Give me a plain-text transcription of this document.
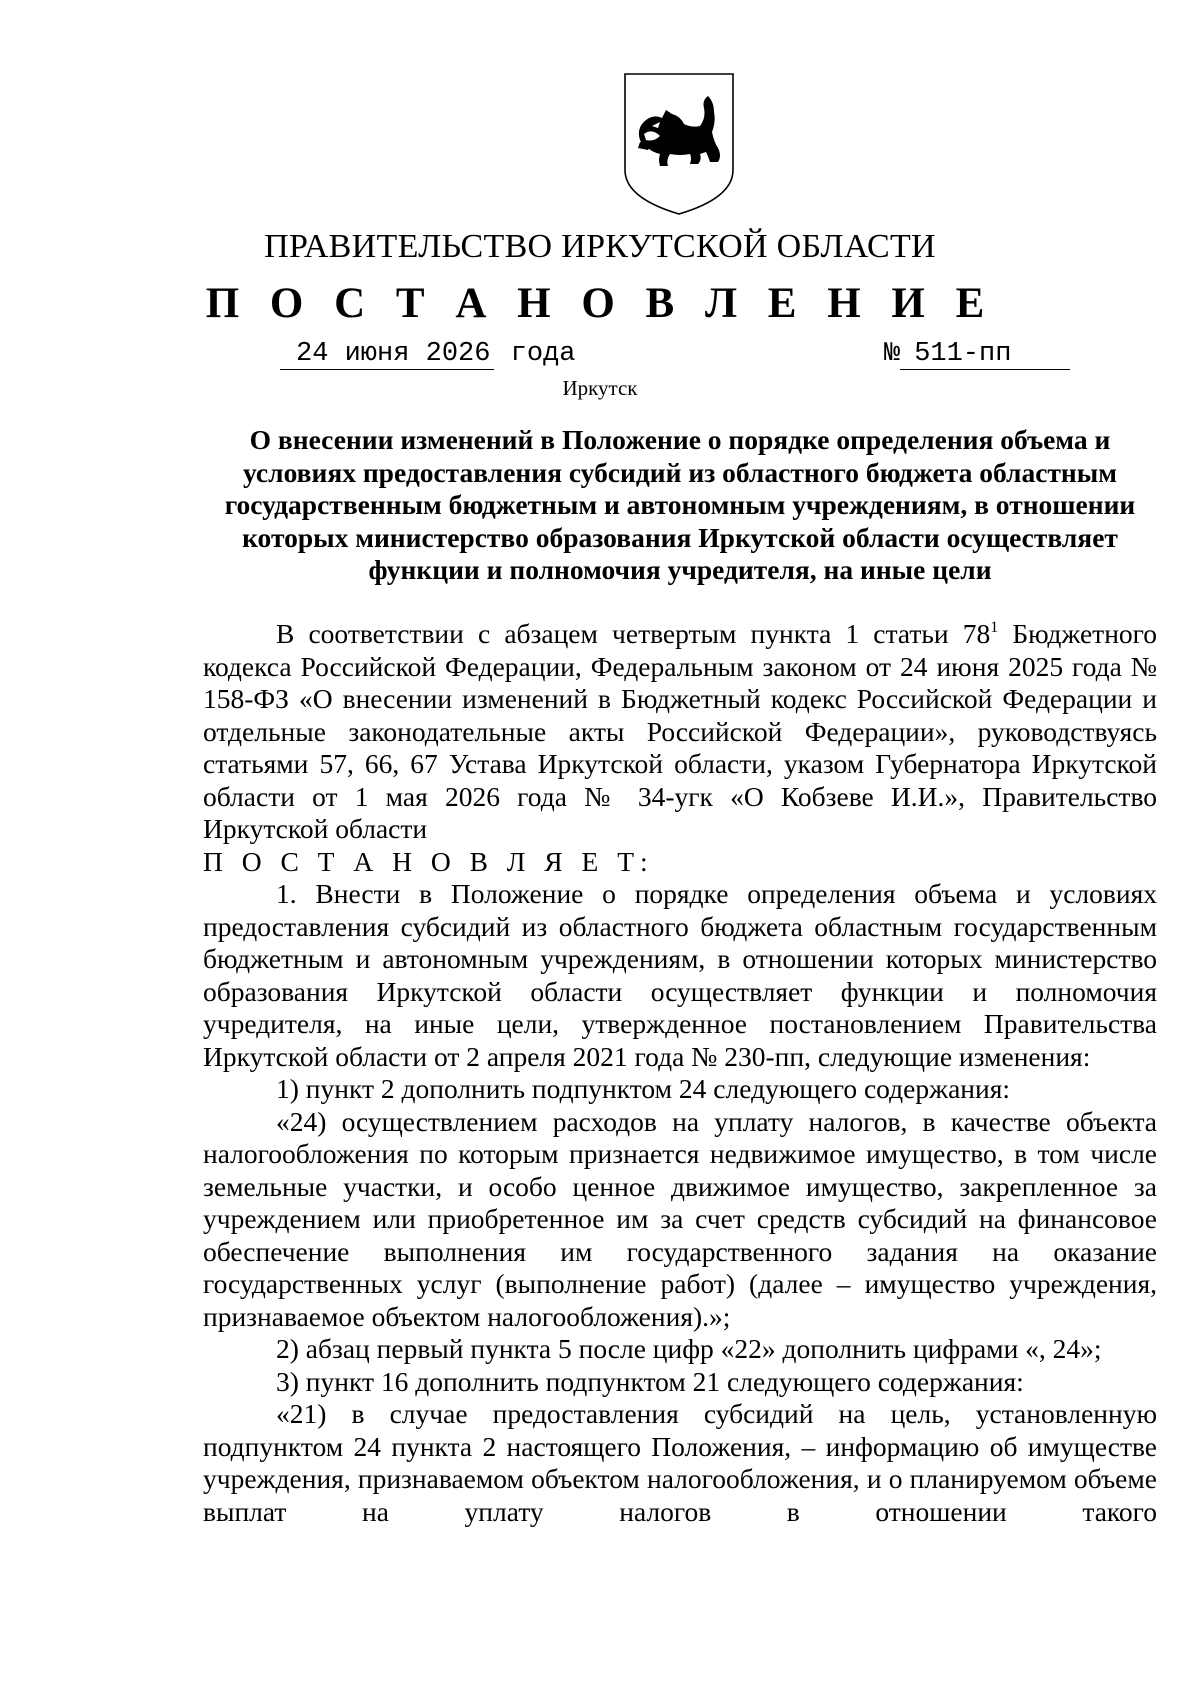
ПРАВИТЕЛЬСТВО ИРКУТСКОЙ ОБЛАСТИ
П О С Т А Н О В Л Е Н И Е
24 июня 2026 года	№ 511-пп
Иркутск
О внесении изменений в Положение о порядке определения объема и условиях предоставления субсидий из областного бюджета областным государственным бюджетным и автономным учреждениям, в отношении которых министерство образования Иркутской области осуществляет функции и полномочия учредителя, на иные цели

В соответствии с абзацем четвертым пункта 1 статьи $78^1$ Бюджетного кодекса Российской Федерации, Федеральным законом от 24 июня 2025 года № 158-ФЗ «О внесении изменений в Бюджетный кодекс Российской Федерации и отдельные законодательные акты Российской Федерации», руководствуясь статьями 57, 66, 67 Устава Иркутской области, указом Губернатора Иркутской области от 1 мая 2026 года № 34-угк «О Кобзеве И.И.», Правительство Иркутской области

П О С Т А Н О В Л Я Е Т:

1. Внести в Положение о порядке определения объема и условиях предоставления субсидий из областного бюджета областным государственным бюджетным и автономным учреждениям, в отношении которых министерство образования Иркутской области осуществляет функции и полномочия учредителя, на иные цели, утвержденное постановлением Правительства Иркутской области от 2 апреля 2021 года № 230-пп, следующие изменения:

1) пункт 2 дополнить подпунктом 24 следующего содержания:

«24) осуществлением расходов на уплату налогов, в качестве объекта налогообложения по которым признается недвижимое имущество, в том числе земельные участки, и особо ценное движимое имущество, закрепленное за учреждением или приобретенное им за счет средств субсидий на финансовое обеспечение выполнения им государственного задания на оказание государственных услуг (выполнение работ) (далее – имущество учреждения, признаваемое объектом налогообложения).»;

2) абзац первый пункта 5 после цифр «22» дополнить цифрами «, 24»;

3) пункт 16 дополнить подпунктом 21 следующего содержания:

«21) в случае предоставления субсидий на цель, установленную подпунктом 24 пункта 2 настоящего Положения, – информацию об имуществе учреждения, признаваемом объектом налогообложения, и о планируемом объеме выплат на уплату налогов в отношении такого
